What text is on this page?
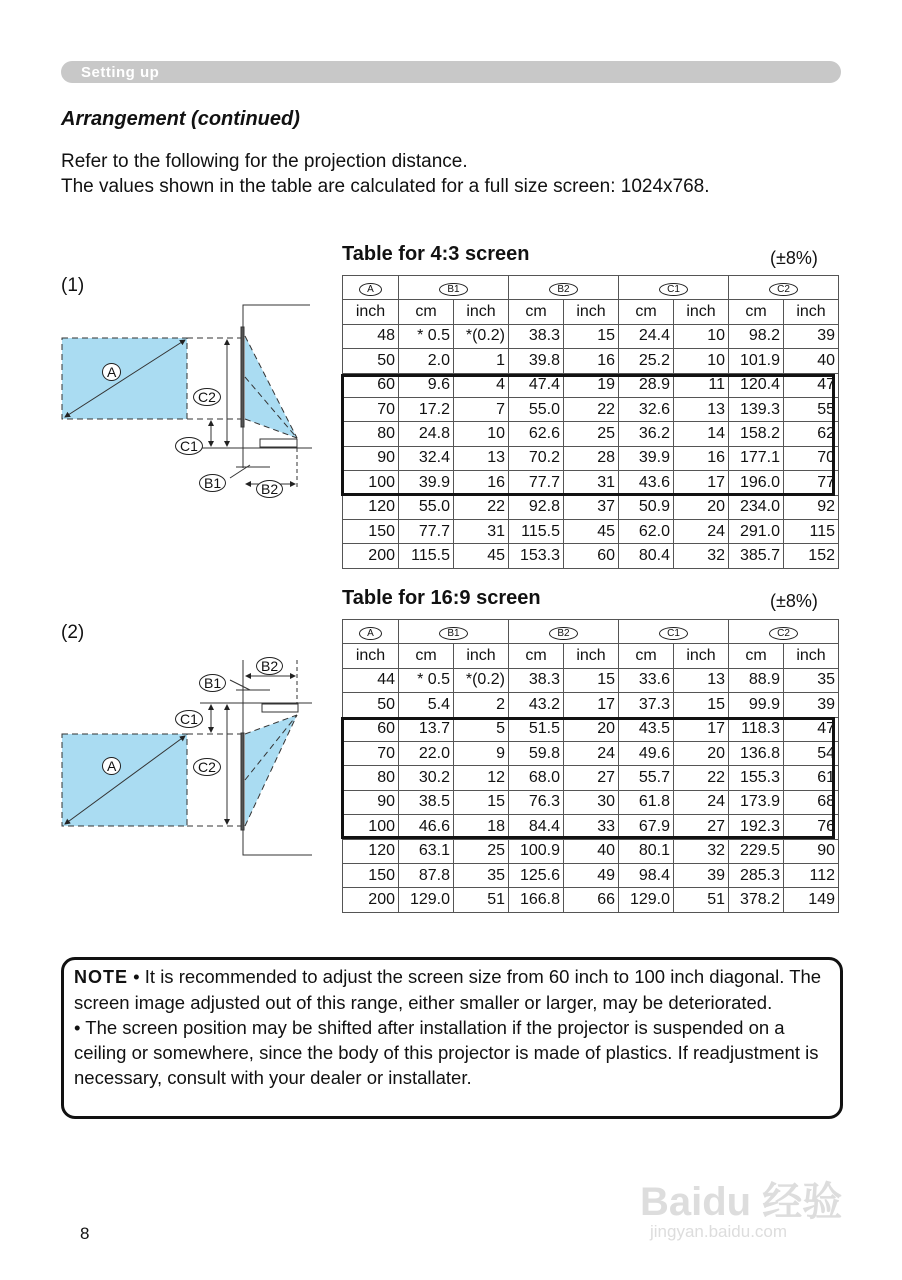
Setting up
Arrangement (continued)
Refer to the following for the projection distance.
The values shown in the table are calculated for a full size screen: 1024x768.
(1)
(2)
A
C2
C1
B1	B2
A	C2
C1
B1
B2
Table for 4:3 screen	(±8%)
A	B1		B2		C1		C2	
inch	cm	inch	cm	inch	cm	inch	cm	inch
48	* 0.5	*(0.2)	38.3	15	24.4	10	98.2	39
50	2.0	1	39.8	16	25.2	10	101.9	40
60	9.6	4	47.4	19	28.9	11	120.4	47
70	17.2	7	55.0	22	32.6	13	139.3	55
80	24.8	10	62.6	25	36.2	14	158.2	62
90	32.4	13	70.2	28	39.9	16	177.1	70
100	39.9	16	77.7	31	43.6	17	196.0	77
120	55.0	22	92.8	37	50.9	20	234.0	92
150	77.7	31	115.5	45	62.0	24	291.0	115
200	115.5	45	153.3	60	80.4	32	385.7	152
Table for 16:9 screen	(±8%)
A	B1		B2		C1		C2	
inch	cm	inch	cm	inch	cm	inch	cm	inch
44	* 0.5	*(0.2)	38.3	15	33.6	13	88.9	35
50	5.4	2	43.2	17	37.3	15	99.9	39
60	13.7	5	51.5	20	43.5	17	118.3	47
70	22.0	9	59.8	24	49.6	20	136.8	54
80	30.2	12	68.0	27	55.7	22	155.3	61
90	38.5	15	76.3	30	61.8	24	173.9	68
100	46.6	18	84.4	33	67.9	27	192.3	76
120	63.1	25	100.9	40	80.1	32	229.5	90
150	87.8	35	125.6	49	98.4	39	285.3	112
200	129.0	51	166.8	66	129.0	51	378.2	149
NOTE • It is recommended to adjust the screen size from 60 inch to 100 inch diagonal. The screen image adjusted out of this range, either smaller or larger, may be deteriorated.
• The screen position may be shifted after installation if the projector is suspended on a ceiling or somewhere, since the body of this projector is made of plastics. If readjustment is necessary, consult with your dealer or installater.
Baidu 经验
jingyan.baidu.com
8
